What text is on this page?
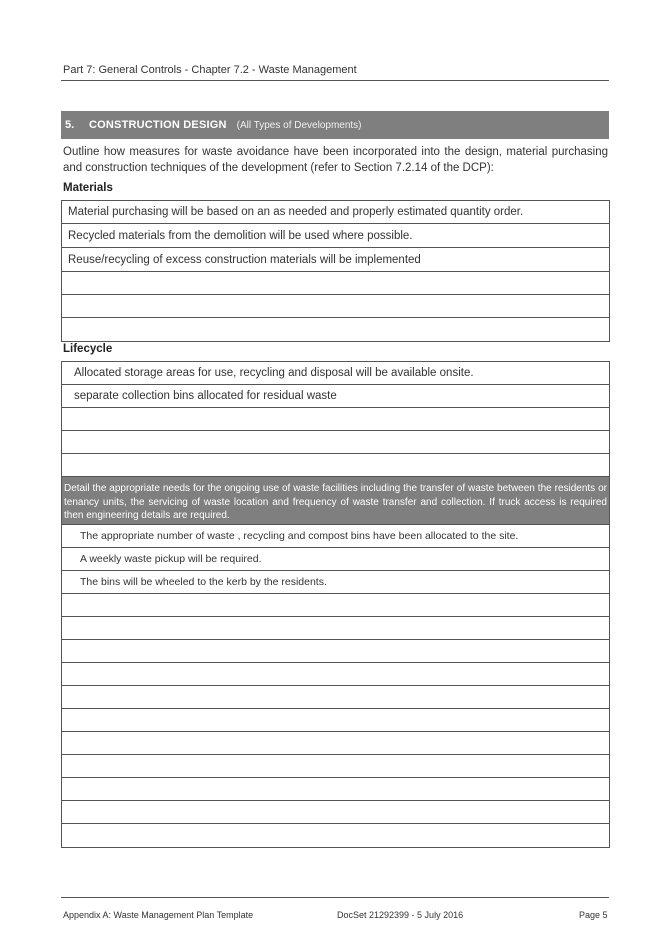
Part 7: General Controls - Chapter 7.2 - Waste Management
5.	CONSTRUCTION DESIGN (All Types of Developments)
Outline how measures for waste avoidance have been incorporated into the design, material purchasing and construction techniques of the development (refer to Section 7.2.14 of the DCP):
Materials
Material purchasing will be based on an as needed and properly estimated quantity order.
Recycled materials from the demolition will be used where possible.
Reuse/recycling of excess construction materials will be implemented
Lifecycle
Allocated storage areas for use, recycling and disposal will be available onsite.
separate collection bins allocated for residual waste
Detail the appropriate needs for the ongoing use of waste facilities including the transfer of waste between the residents or tenancy units, the servicing of waste location and frequency of waste transfer and collection. If truck access is required then engineering details are required.
The appropriate number of waste , recycling and compost bins have been allocated to the site.
A weekly waste pickup will be required.
The bins will be wheeled to the kerb by the residents.
Appendix A: Waste Management Plan Template	DocSet 21292399 - 5 July 2016	Page 5
